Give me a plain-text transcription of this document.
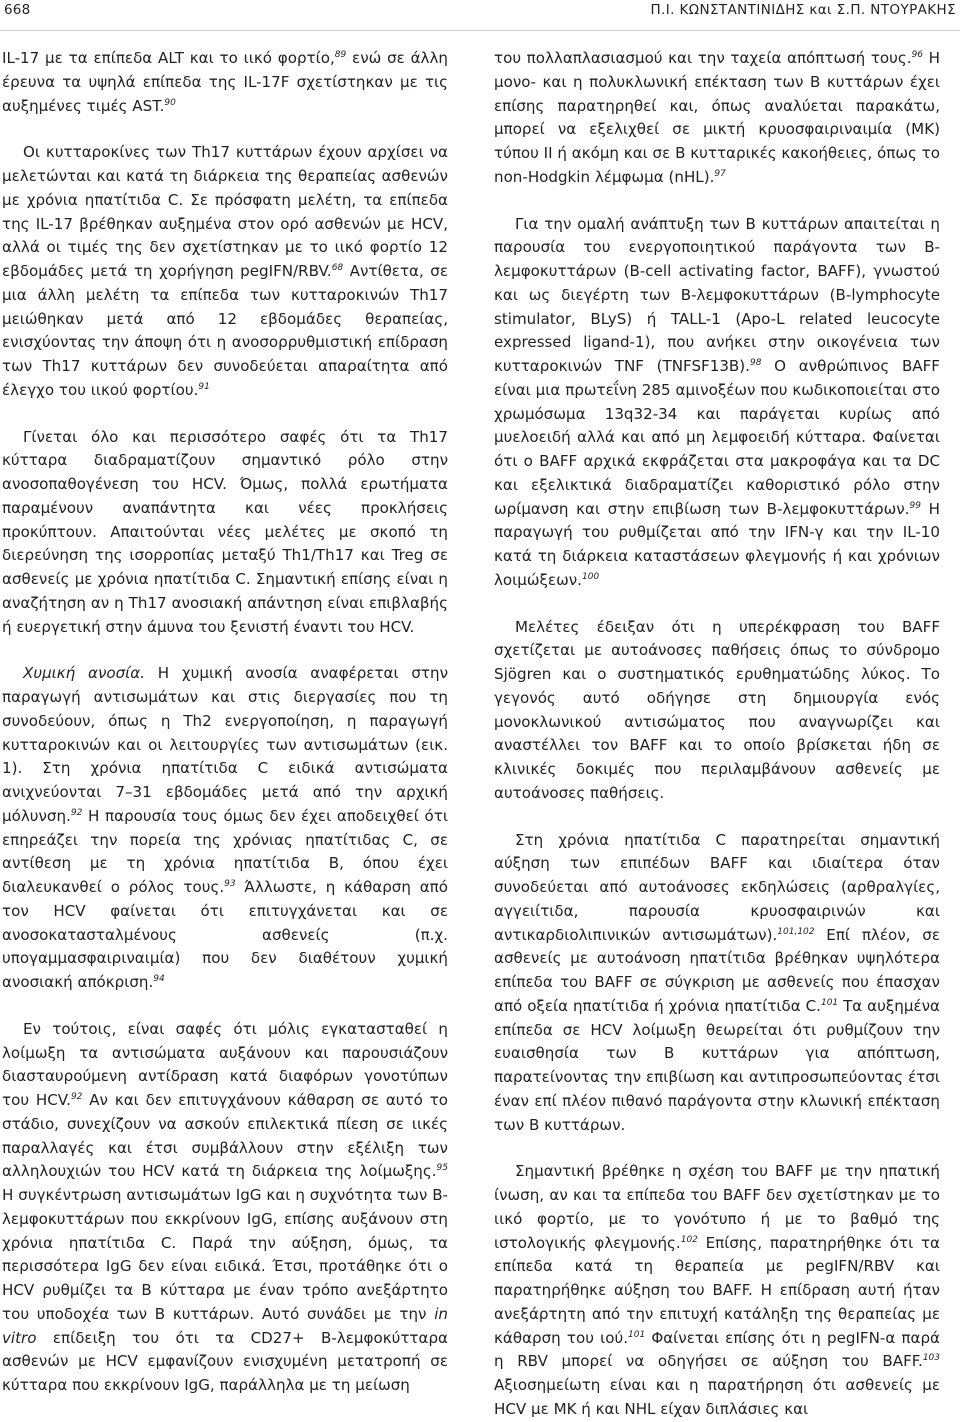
668	Π.Ι. ΚΩΝΣΤΑΝΤΙΝΙΔΗΣ και Σ.Π. ΝΤΟΥΡΑΚΗΣ

IL-17 με τα επίπεδα ALT και το ιικό φορτίο,$^{89}$ ενώ σε άλλη έρευνα τα υψηλά επίπεδα της IL-17F σχετίστηκαν με τις αυξημένες τιμές AST.$^{90}$

Οι κυτταροκίνες των Th17 κυττάρων έχουν αρχίσει να μελετώνται και κατά τη διάρκεια της θεραπείας ασθενών με χρόνια ηπατίτιδα C. Σε πρόσφατη μελέτη, τα επίπεδα της IL-17 βρέθηκαν αυξημένα στον ορό ασθενών με HCV, αλλά οι τιμές της δεν σχετίστηκαν με το ιικό φορτίο 12 εβδομάδες μετά τη χορήγηση pegIFN/RBV.$^{68}$ Αντίθετα, σε μια άλλη μελέτη τα επίπεδα των κυτταροκινών Th17 μειώθηκαν μετά από 12 εβδομάδες θεραπείας, ενισχύοντας την άποψη ότι η ανοσορρυθμιστική επίδραση των Th17 κυττάρων δεν συνοδεύεται απαραίτητα από έλεγχο του ιικού φορτίου.$^{91}$

Γίνεται όλο και περισσότερο σαφές ότι τα Th17 κύτταρα διαδραματίζουν σημαντικό ρόλο στην ανοσοπαθογένεση του HCV. Όμως, πολλά ερωτήματα παραμένουν αναπάντητα και νέες προκλήσεις προκύπτουν. Απαιτούνται νέες μελέτες με σκοπό τη διερεύνηση της ισορροπίας μεταξύ Th1/Th17 και Treg σε ασθενείς με χρόνια ηπατίτιδα C. Σημαντική επίσης είναι η αναζήτηση αν η Th17 ανοσιακή απάντηση είναι επιβλαβής ή ευεργετική στην άμυνα του ξενιστή έναντι του HCV.

Χυμική ανοσία. Η χυμική ανοσία αναφέρεται στην παραγωγή αντισωμάτων και στις διεργασίες που τη συνοδεύουν, όπως η Th2 ενεργοποίηση, η παραγωγή κυτταροκινών και οι λειτουργίες των αντισωμάτων (εικ. 1). Στη χρόνια ηπατίτιδα C ειδικά αντισώματα ανιχνεύονται 7–31 εβδομάδες μετά από την αρχική μόλυνση.$^{92}$ Η παρουσία τους όμως δεν έχει αποδειχθεί ότι επηρεάζει την πορεία της χρόνιας ηπατίτιδας C, σε αντίθεση με τη χρόνια ηπατίτιδα Β, όπου έχει διαλευκανθεί ο ρόλος τους.$^{93}$ Άλλωστε, η κάθαρση από τον HCV φαίνεται ότι επιτυγχάνεται και σε ανοσοκατασταλμένους ασθενείς (π.χ. υπογαμμασφαιριναιμία) που δεν διαθέτουν χυμική ανοσιακή απόκριση.$^{94}$

Εν τούτοις, είναι σαφές ότι μόλις εγκατασταθεί η λοίμωξη τα αντισώματα αυξάνουν και παρουσιάζουν διασταυρούμενη αντίδραση κατά διαφόρων γονοτύπων του HCV.$^{92}$ Αν και δεν επιτυγχάνουν κάθαρση σε αυτό το στάδιο, συνεχίζουν να ασκούν επιλεκτικά πίεση σε ιικές παραλλαγές και έτσι συμβάλλουν στην εξέλιξη των αλληλουχιών του HCV κατά τη διάρκεια της λοίμωξης.$^{95}$ Η συγκέντρωση αντισωμάτων IgG και η συχνότητα των Β-λεμφοκυττάρων που εκκρίνουν IgG, επίσης αυξάνουν στη χρόνια ηπατίτιδα C. Παρά την αύξηση, όμως, τα περισσότερα IgG δεν είναι ειδικά. Έτσι, προτάθηκε ότι ο HCV ρυθμίζει τα Β κύτταρα με έναν τρόπο ανεξάρτητο του υποδοχέα των Β κυττάρων. Αυτό συνάδει με την in vitro επίδειξη του ότι τα CD27+ Β-λεμφοκύτταρα ασθενών με HCV εμφανίζουν ενισχυμένη μετατροπή σε κύτταρα που εκκρίνουν IgG, παράλληλα με τη μείωση

του πολλαπλασιασμού και την ταχεία απόπτωσή τους.$^{96}$ Η μονο- και η πολυκλωνική επέκταση των Β κυττάρων έχει επίσης παρατηρηθεί και, όπως αναλύεται παρακάτω, μπορεί να εξελιχθεί σε μικτή κρυοσφαιριναιμία (ΜΚ) τύπου ΙΙ ή ακόμη και σε Β κυτταρικές κακοήθειες, όπως το non-Hodgkin λέμφωμα (nHL).$^{97}$

Για την ομαλή ανάπτυξη των Β κυττάρων απαιτείται η παρουσία του ενεργοποιητικού παράγοντα των Β-λεμφοκυττάρων (B-cell activating factor, BAFF), γνωστού και ως διεγέρτη των Β-λεμφοκυττάρων (B-lymphocyte stimulator, BLyS) ή TALL-1 (Apo-L related leucocyte expressed ligand-1), που ανήκει στην οικογένεια των κυτταροκινών TNF (TNFSF13B).$^{98}$ Ο ανθρώπινος BAFF είναι μια πρωτεΐνη 285 αμινοξέων που κωδικοποιείται στο χρωμόσωμα 13q32-34 και παράγεται κυρίως από μυελοειδή αλλά και από μη λεμφοειδή κύτταρα. Φαίνεται ότι ο BAFF αρχικά εκφράζεται στα μακροφάγα και τα DC και εξελικτικά διαδραματίζει καθοριστικό ρόλο στην ωρίμανση και στην επιβίωση των Β-λεμφοκυττάρων.$^{99}$ Η παραγωγή του ρυθμίζεται από την IFN-γ και την IL-10 κατά τη διάρκεια καταστάσεων φλεγμονής ή και χρόνιων λοιμώξεων.$^{100}$

Μελέτες έδειξαν ότι η υπερέκφραση του BAFF σχετίζεται με αυτοάνοσες παθήσεις όπως το σύνδρομο Sjögren και ο συστηματικός ερυθηματώδης λύκος. Το γεγονός αυτό οδήγησε στη δημιουργία ενός μονοκλωνικού αντισώματος που αναγνωρίζει και αναστέλλει τον BAFF και το οποίο βρίσκεται ήδη σε κλινικές δοκιμές που περιλαμβάνουν ασθενείς με αυτοάνοσες παθήσεις.

Στη χρόνια ηπατίτιδα C παρατηρείται σημαντική αύξηση των επιπέδων BAFF και ιδιαίτερα όταν συνοδεύεται από αυτοάνοσες εκδηλώσεις (αρθραλγίες, αγγειίτιδα, παρουσία κρυοσφαιρινών και αντικαρδιολιπινικών αντισωμάτων).$^{101,102}$ Επί πλέον, σε ασθενείς με αυτοάνοση ηπατίτιδα βρέθηκαν υψηλότερα επίπεδα του BAFF σε σύγκριση με ασθενείς που έπασχαν από οξεία ηπατίτιδα ή χρόνια ηπατίτιδα C.$^{101}$ Τα αυξημένα επίπεδα σε HCV λοίμωξη θεωρείται ότι ρυθμίζουν την ευαισθησία των Β κυττάρων για απόπτωση, παρατείνοντας την επιβίωση και αντιπροσωπεύοντας έτσι έναν επί πλέον πιθανό παράγοντα στην κλωνική επέκταση των Β κυττάρων.

Σημαντική βρέθηκε η σχέση του BAFF με την ηπατική ίνωση, αν και τα επίπεδα του BAFF δεν σχετίστηκαν με το ιικό φορτίο, με το γονότυπο ή με το βαθμό της ιστολογικής φλεγμονής.$^{102}$ Επίσης, παρατηρήθηκε ότι τα επίπεδα κατά τη θεραπεία με pegIFN/RBV και παρατηρήθηκε αύξηση του BAFF. Η επίδραση αυτή ήταν ανεξάρτητη από την επιτυχή κατάληξη της θεραπείας με κάθαρση του ιού.$^{101}$ Φαίνεται επίσης ότι η pegIFN-α παρά η RBV μπορεί να οδηγήσει σε αύξηση του BAFF.$^{103}$ Αξιοσημείωτη είναι και η παρατήρηση ότι ασθενείς με HCV με MK ή και NHL είχαν διπλάσιες και
